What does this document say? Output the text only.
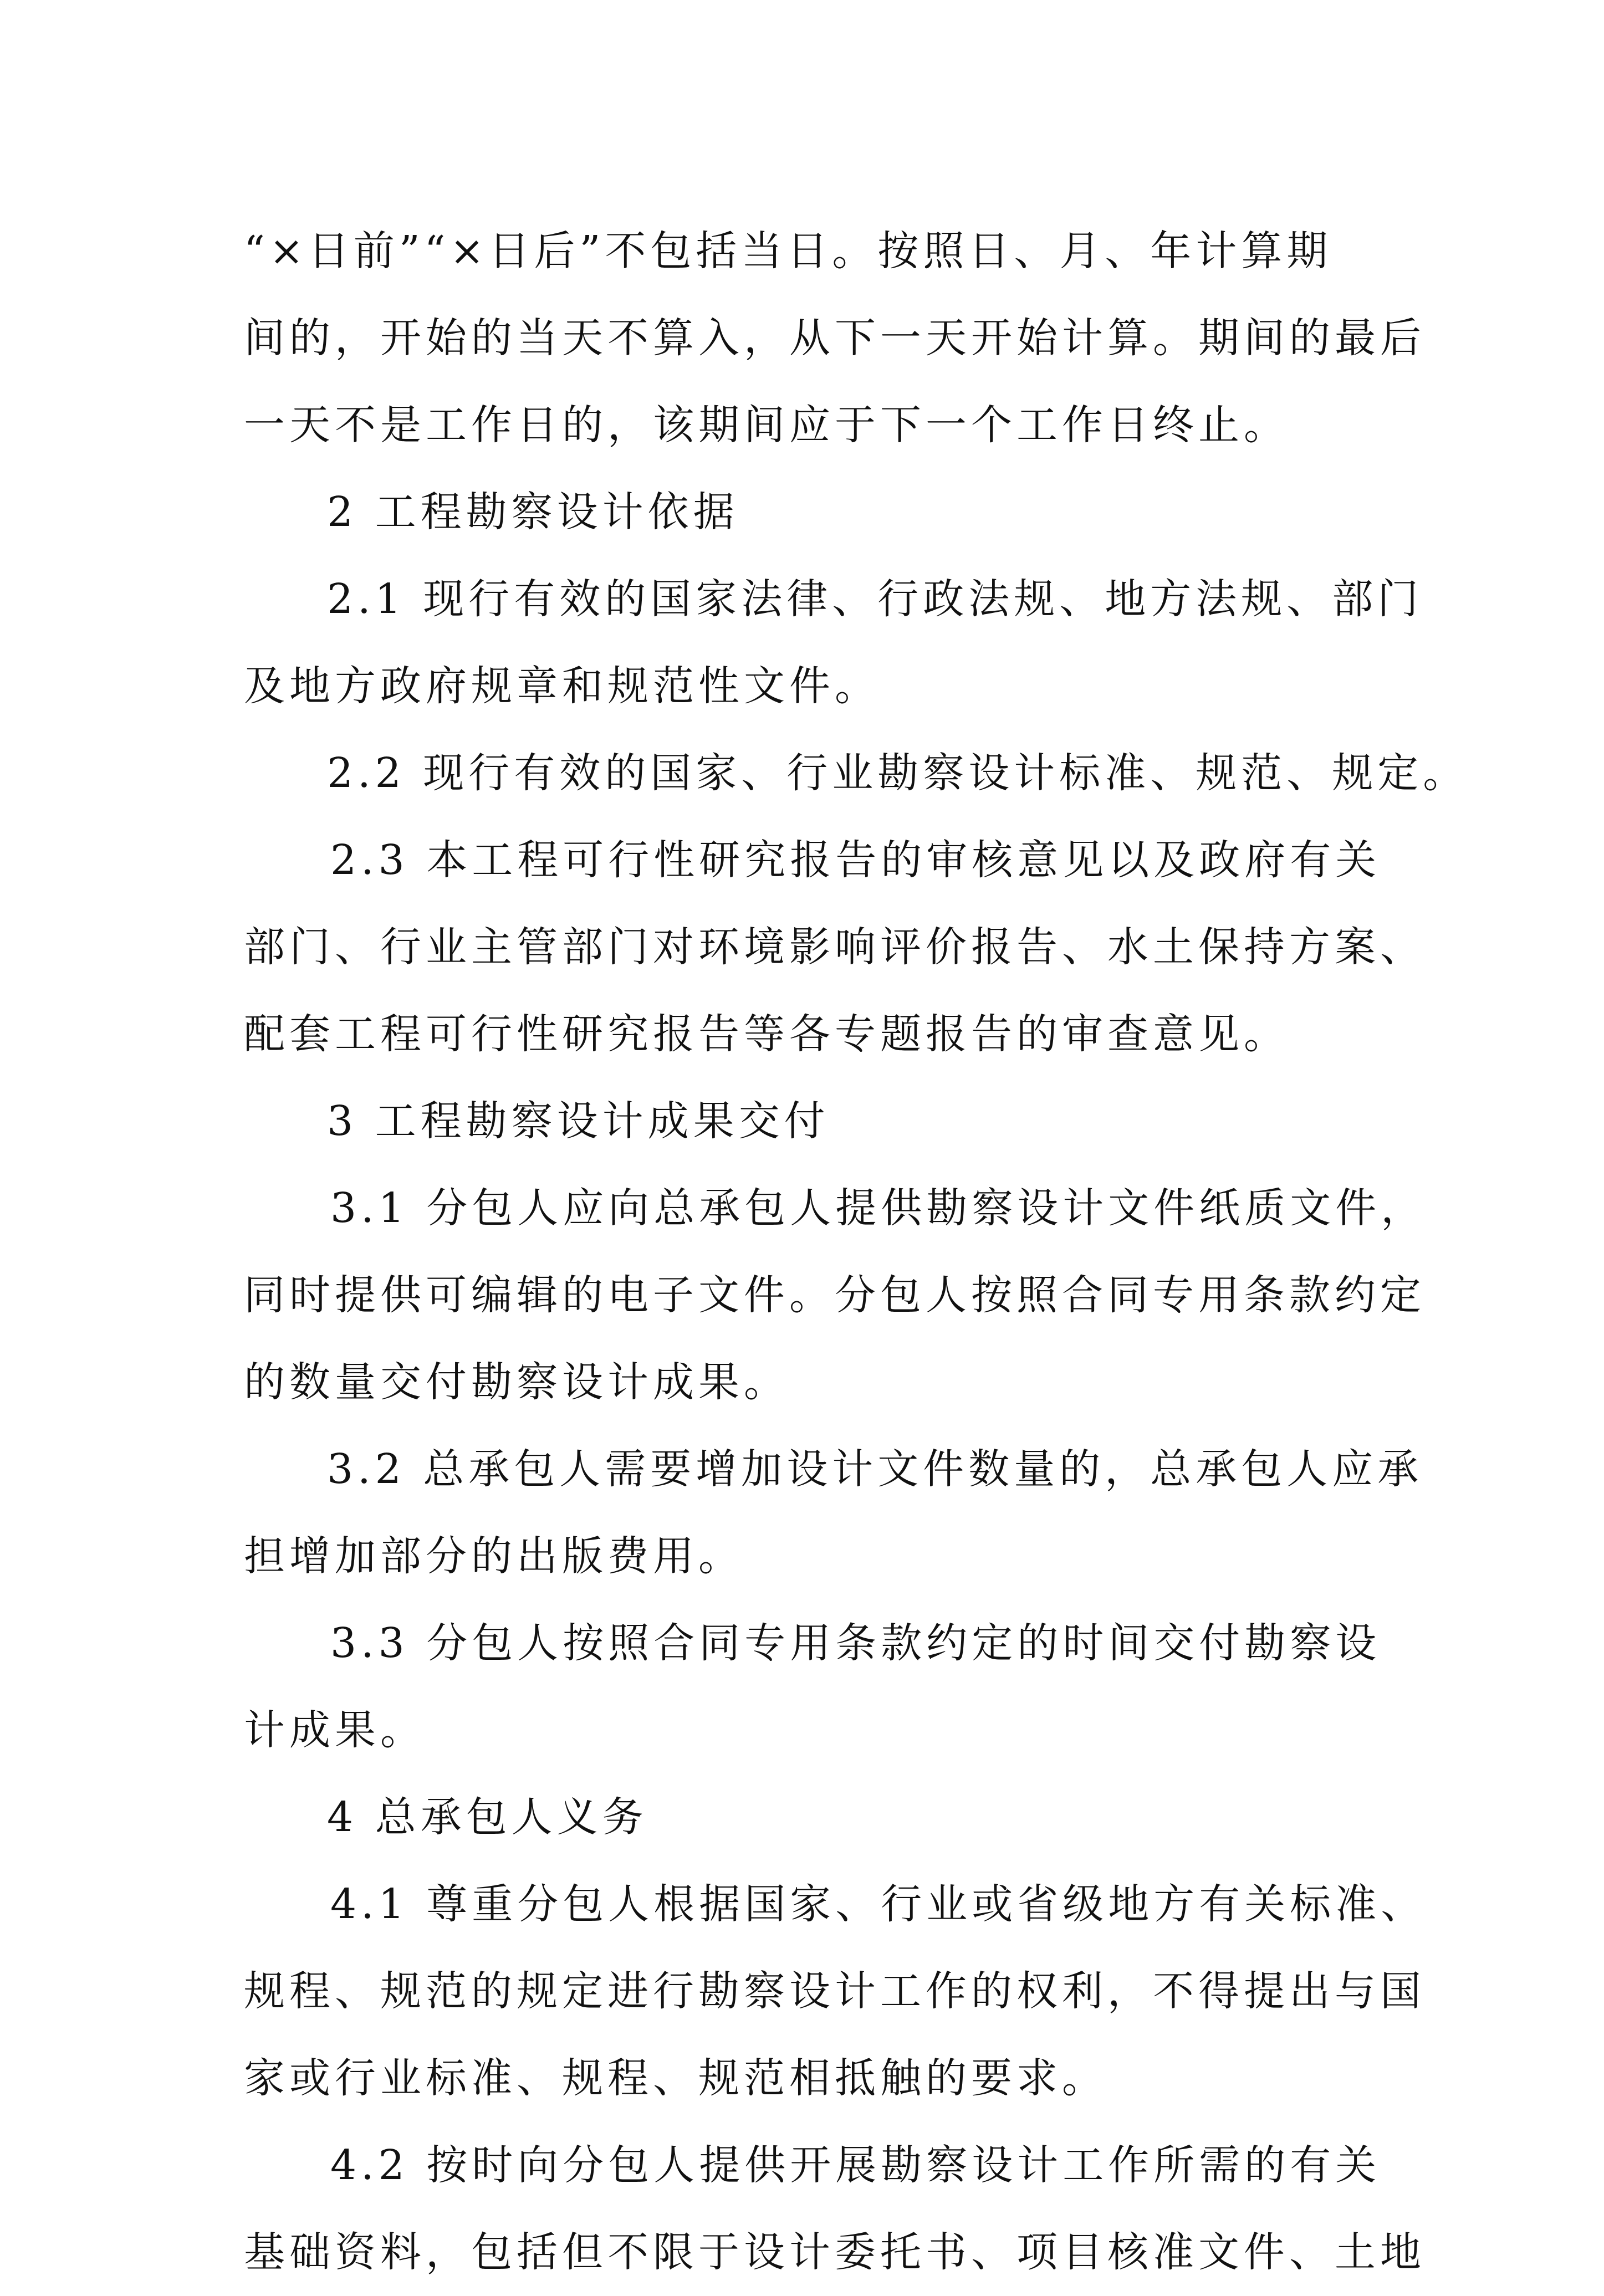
“×日前”“×日后”不包括当日。按照日、月、年计算期
间的，开始的当天不算入，从下一天开始计算。期间的最后
一天不是工作日的，该期间应于下一个工作日终止。
2 工程勘察设计依据
2.1 现行有效的国家法律、行政法规、地方法规、部门
及地方政府规章和规范性文件。
2.2 现行有效的国家、行业勘察设计标准、规范、规定。
2.3 本工程可行性研究报告的审核意见以及政府有关
部门、行业主管部门对环境影响评价报告、水土保持方案、
配套工程可行性研究报告等各专题报告的审查意见。
3 工程勘察设计成果交付
3.1 分包人应向总承包人提供勘察设计文件纸质文件，
同时提供可编辑的电子文件。分包人按照合同专用条款约定
的数量交付勘察设计成果。
3.2 总承包人需要增加设计文件数量的，总承包人应承
担增加部分的出版费用。
3.3 分包人按照合同专用条款约定的时间交付勘察设
计成果。
4 总承包人义务
4.1 尊重分包人根据国家、行业或省级地方有关标准、
规程、规范的规定进行勘察设计工作的权利，不得提出与国
家或行业标准、规程、规范相抵触的要求。
4.2 按时向分包人提供开展勘察设计工作所需的有关
基础资料，包括但不限于设计委托书、项目核准文件、土地
